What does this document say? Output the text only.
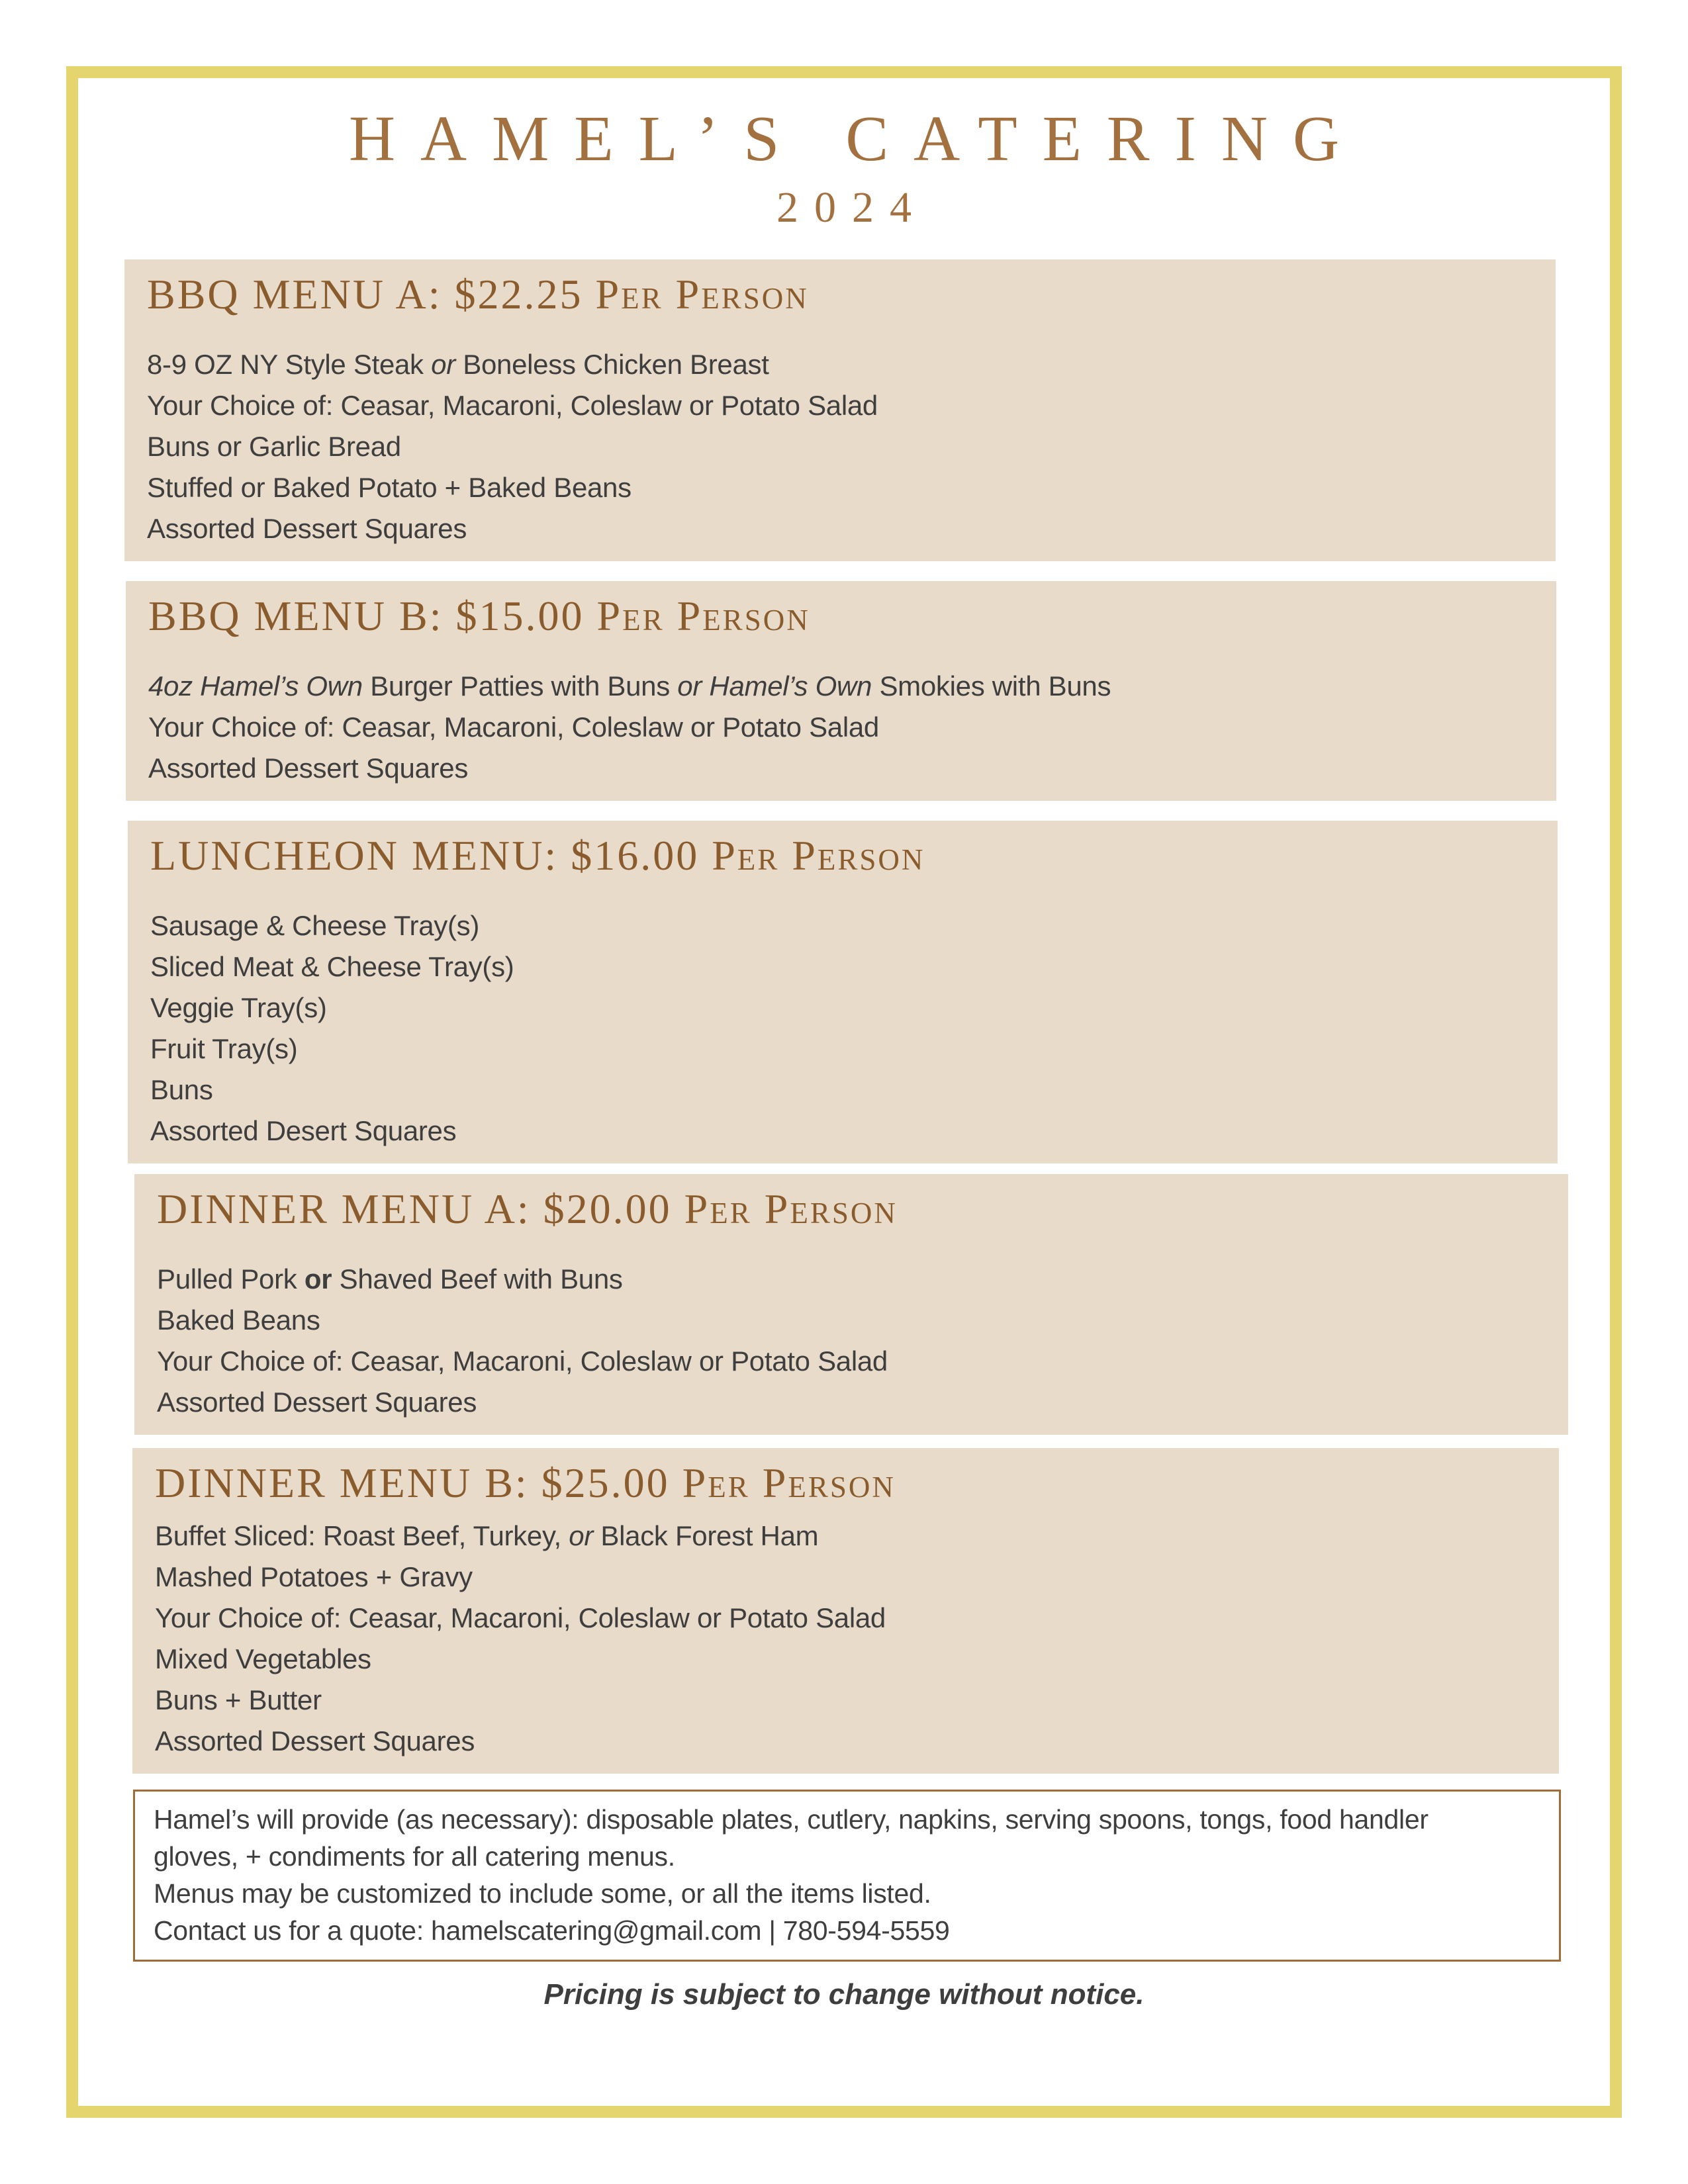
HAMEL’S CATERING
2024
BBQ MENU A: $22.25 Per Person

8-9 OZ NY Style Steak or Boneless Chicken Breast

Your Choice of: Ceasar, Macaroni, Coleslaw or Potato Salad

Buns or Garlic Bread

Stuffed or Baked Potato + Baked Beans

Assorted Dessert Squares

BBQ MENU B: $15.00 Per Person

4oz Hamel’s Own Burger Patties with Buns or Hamel’s Own Smokies with Buns

Your Choice of: Ceasar, Macaroni, Coleslaw or Potato Salad

Assorted Dessert Squares

LUNCHEON MENU: $16.00 Per Person

Sausage & Cheese Tray(s)

Sliced Meat & Cheese Tray(s)

Veggie Tray(s)

Fruit Tray(s)

Buns

Assorted Desert Squares

DINNER MENU A: $20.00 Per Person

Pulled Pork or Shaved Beef with Buns

Baked Beans

Your Choice of: Ceasar, Macaroni, Coleslaw or Potato Salad

Assorted Dessert Squares

DINNER MENU B: $25.00 Per Person

Buffet Sliced: Roast Beef, Turkey, or Black Forest Ham

Mashed Potatoes + Gravy

Your Choice of: Ceasar, Macaroni, Coleslaw or Potato Salad

Mixed Vegetables

Buns + Butter

Assorted Dessert Squares

Hamel’s will provide (as necessary): disposable plates, cutlery, napkins, serving spoons, tongs, food handler

gloves, + condiments for all catering menus.

Menus may be customized to include some, or all the items listed.

Contact us for a quote: hamelscatering@gmail.com | 780-594-5559

Pricing is subject to change without notice.
